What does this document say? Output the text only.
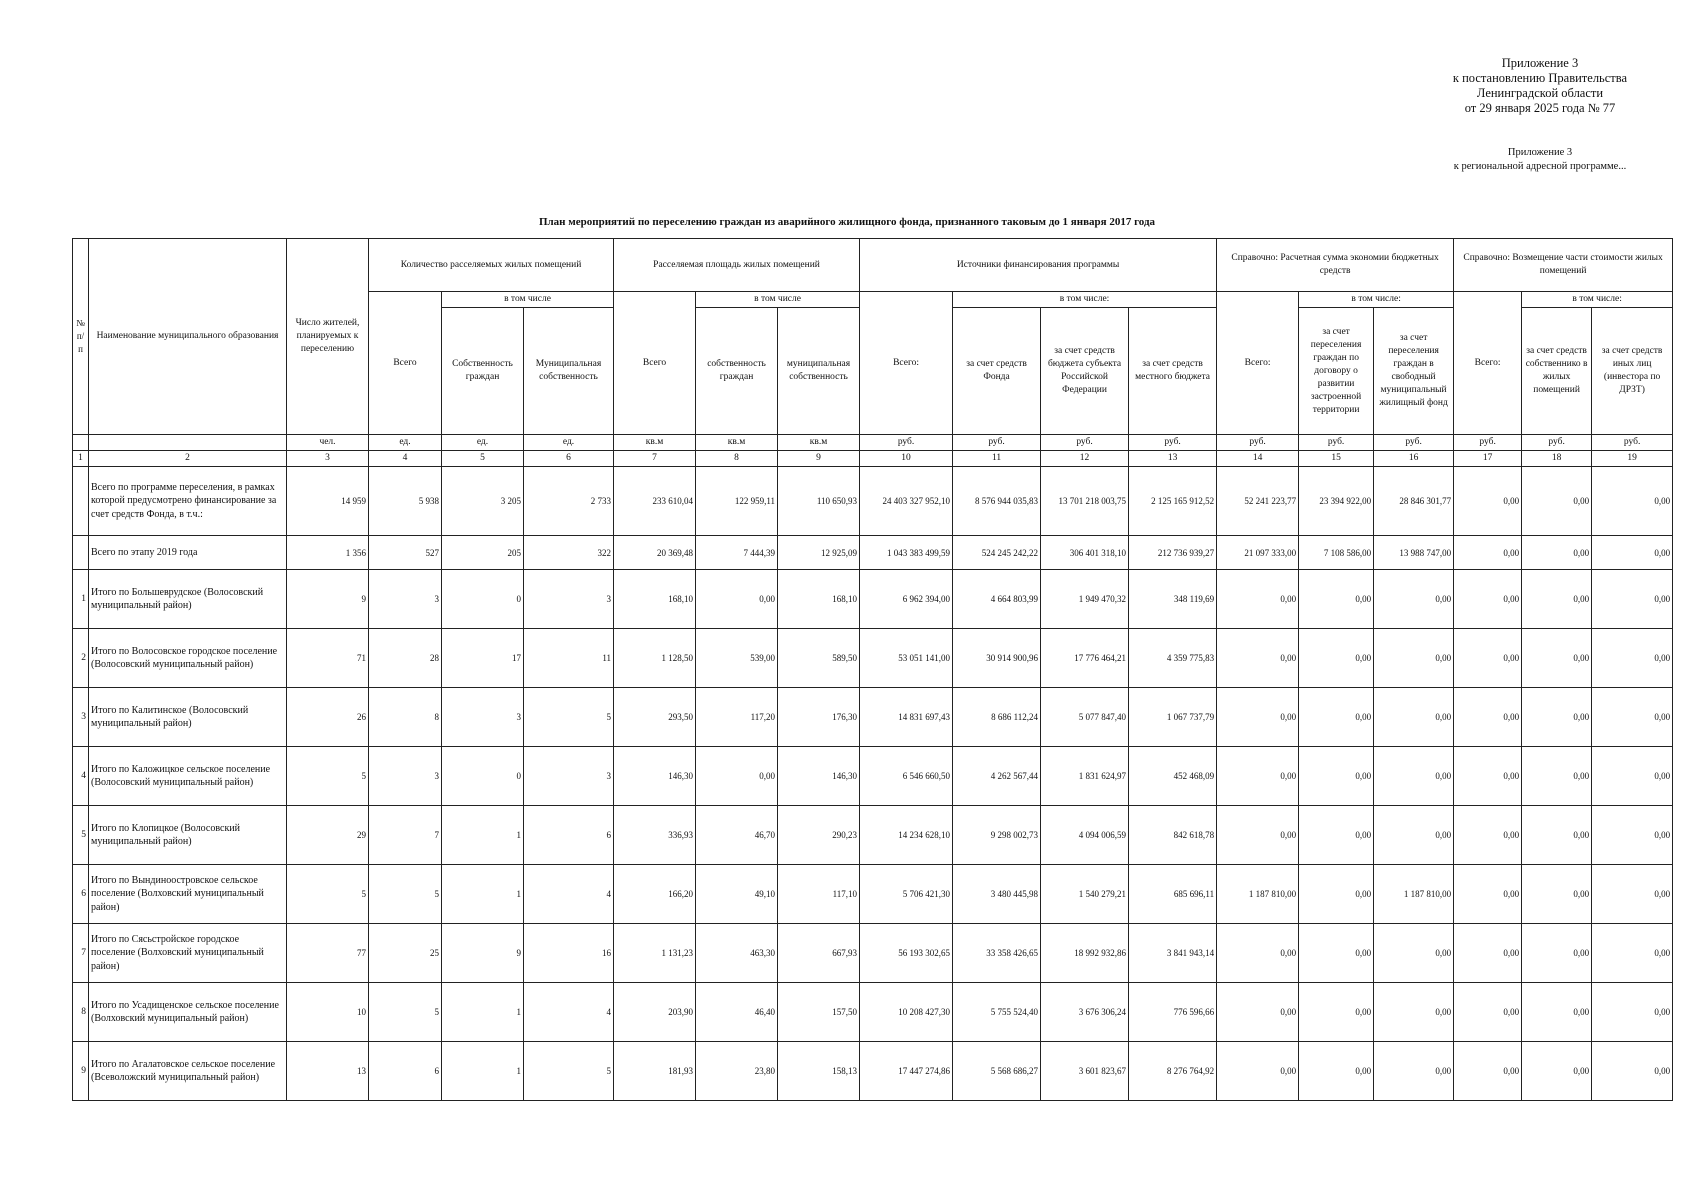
Приложение 3
к постановлению Правительства
Ленинградской области
от 29 января 2025 года № 77
Приложение 3
к региональной адресной программе...
План мероприятий по переселению граждан из аварийного жилищного фонда, признанного таковым до 1 января 2017 года
№ п/п	Наименование муниципального образования	Число жителей, планируемых к переселению	Количество расселяемых жилых помещений			Расселяемая площадь жилых помещений			Источники финансирования программы				Справочно: Расчетная сумма экономии бюджетных средств			Справочно: Возмещение части стоимости жилых помещений		
			Всего	в том числе		Всего	в том числе		Всего:	в том числе:			Всего:	в том числе:		Всего:	в том числе:	
				Собственность граждан	Муниципальная собственность		собственность граждан	муниципальная собственность		за счет средств Фонда	за счет средств бюджета субъекта Российской Федерации	за счет средств местного бюджета		за счет переселения граждан по договору о развитии застроенной территории	за счет переселения граждан в свободный муниципальный жилищный фонд		за счет средств собственнико в жилых помещений	за счет средств иных лиц (инвестора по ДРЗТ)
		чел.	ед.	ед.	ед.	кв.м	кв.м	кв.м	руб.	руб.	руб.	руб.	руб.	руб.	руб.	руб.	руб.	руб.
1	2	3	4	5	6	7	8	9	10	11	12	13	14	15	16	17	18	19
	Всего по программе переселения, в рамках которой предусмотрено финансирование за счет средств Фонда, в т.ч.:	14 959	5 938	3 205	2 733	233 610,04	122 959,11	110 650,93	24 403 327 952,10	8 576 944 035,83	13 701 218 003,75	2 125 165 912,52	52 241 223,77	23 394 922,00	28 846 301,77	0,00	0,00	0,00
	Всего по этапу 2019 года	1 356	527	205	322	20 369,48	7 444,39	12 925,09	1 043 383 499,59	524 245 242,22	306 401 318,10	212 736 939,27	21 097 333,00	7 108 586,00	13 988 747,00	0,00	0,00	0,00
1	Итого по Большеврудское (Волосовский муниципальный район)	9	3	0	3	168,10	0,00	168,10	6 962 394,00	4 664 803,99	1 949 470,32	348 119,69	0,00	0,00	0,00	0,00	0,00	0,00
2	Итого по Волосовское городское поселение (Волосовский муниципальный район)	71	28	17	11	1 128,50	539,00	589,50	53 051 141,00	30 914 900,96	17 776 464,21	4 359 775,83	0,00	0,00	0,00	0,00	0,00	0,00
3	Итого по Калитинское (Волосовский муниципальный район)	26	8	3	5	293,50	117,20	176,30	14 831 697,43	8 686 112,24	5 077 847,40	1 067 737,79	0,00	0,00	0,00	0,00	0,00	0,00
4	Итого по Каложицкое сельское поселение (Волосовский муниципальный район)	5	3	0	3	146,30	0,00	146,30	6 546 660,50	4 262 567,44	1 831 624,97	452 468,09	0,00	0,00	0,00	0,00	0,00	0,00
5	Итого по Клопицкое (Волосовский муниципальный район)	29	7	1	6	336,93	46,70	290,23	14 234 628,10	9 298 002,73	4 094 006,59	842 618,78	0,00	0,00	0,00	0,00	0,00	0,00
6	Итого по Вындиноостровское сельское поселение (Волховский муниципальный район)	5	5	1	4	166,20	49,10	117,10	5 706 421,30	3 480 445,98	1 540 279,21	685 696,11	1 187 810,00	0,00	1 187 810,00	0,00	0,00	0,00
7	Итого по Сясьстройское городское поселение (Волховский муниципальный район)	77	25	9	16	1 131,23	463,30	667,93	56 193 302,65	33 358 426,65	18 992 932,86	3 841 943,14	0,00	0,00	0,00	0,00	0,00	0,00
8	Итого по Усадищенское сельское поселение (Волховский муниципальный район)	10	5	1	4	203,90	46,40	157,50	10 208 427,30	5 755 524,40	3 676 306,24	776 596,66	0,00	0,00	0,00	0,00	0,00	0,00
9	Итого по Агалатовское сельское поселение (Всеволожский муниципальный район)	13	6	1	5	181,93	23,80	158,13	17 447 274,86	5 568 686,27	3 601 823,67	8 276 764,92	0,00	0,00	0,00	0,00	0,00	0,00
